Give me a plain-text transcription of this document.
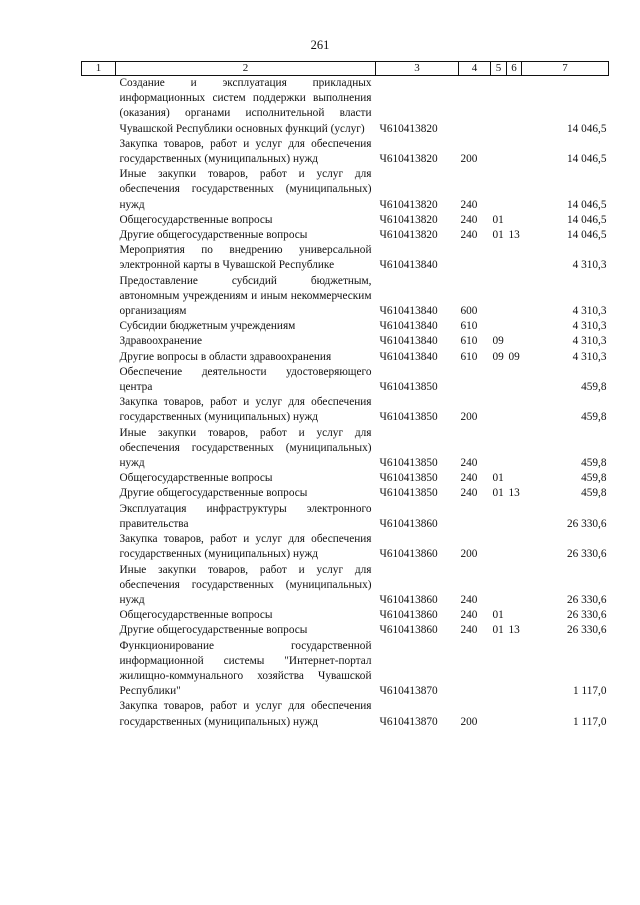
261
1	2	3	4	5	6	7
Создание и эксплуатация прикладных информационных систем поддержки выполнения (оказания) органами исполнительной власти Чувашской Республики основных функций (услуг)		Ч610413820				14 046,5
Закупка товаров, работ и услуг для обеспечения государственных (муниципальных) нужд		Ч610413820	200			14 046,5
Иные закупки товаров, работ и услуг для обеспечения государственных (муниципальных) нужд		Ч610413820	240			14 046,5
Общегосударственные вопросы		Ч610413820	240	01		14 046,5
Другие общегосударственные вопросы		Ч610413820	240	01	13	14 046,5
Мероприятия по внедрению универсальной электронной карты в Чувашской Республике		Ч610413840				4 310,3
Предоставление субсидий бюджетным, автономным учреждениям и иным некоммерческим организациям		Ч610413840	600			4 310,3
Субсидии бюджетным учреждениям		Ч610413840	610			4 310,3
Здравоохранение		Ч610413840	610	09		4 310,3
Другие вопросы в области здравоохранения		Ч610413840	610	09	09	4 310,3
Обеспечение деятельности удостоверяющего центра		Ч610413850				459,8
Закупка товаров, работ и услуг для обеспечения государственных (муниципальных) нужд		Ч610413850	200			459,8
Иные закупки товаров, работ и услуг для обеспечения государственных (муниципальных) нужд		Ч610413850	240			459,8
Общегосударственные вопросы		Ч610413850	240	01		459,8
Другие общегосударственные вопросы		Ч610413850	240	01	13	459,8
Эксплуатация инфраструктуры электронного правительства		Ч610413860				26 330,6
Закупка товаров, работ и услуг для обеспечения государственных (муниципальных) нужд		Ч610413860	200			26 330,6
Иные закупки товаров, работ и услуг для обеспечения государственных (муниципальных) нужд		Ч610413860	240			26 330,6
Общегосударственные вопросы		Ч610413860	240	01		26 330,6
Другие общегосударственные вопросы		Ч610413860	240	01	13	26 330,6
Функционирование государственной информационной системы "Интернет-портал жилищно-коммунального хозяйства Чувашской Республики"		Ч610413870				1 117,0
Закупка товаров, работ и услуг для обеспечения государственных (муниципальных) нужд		Ч610413870	200			1 117,0
